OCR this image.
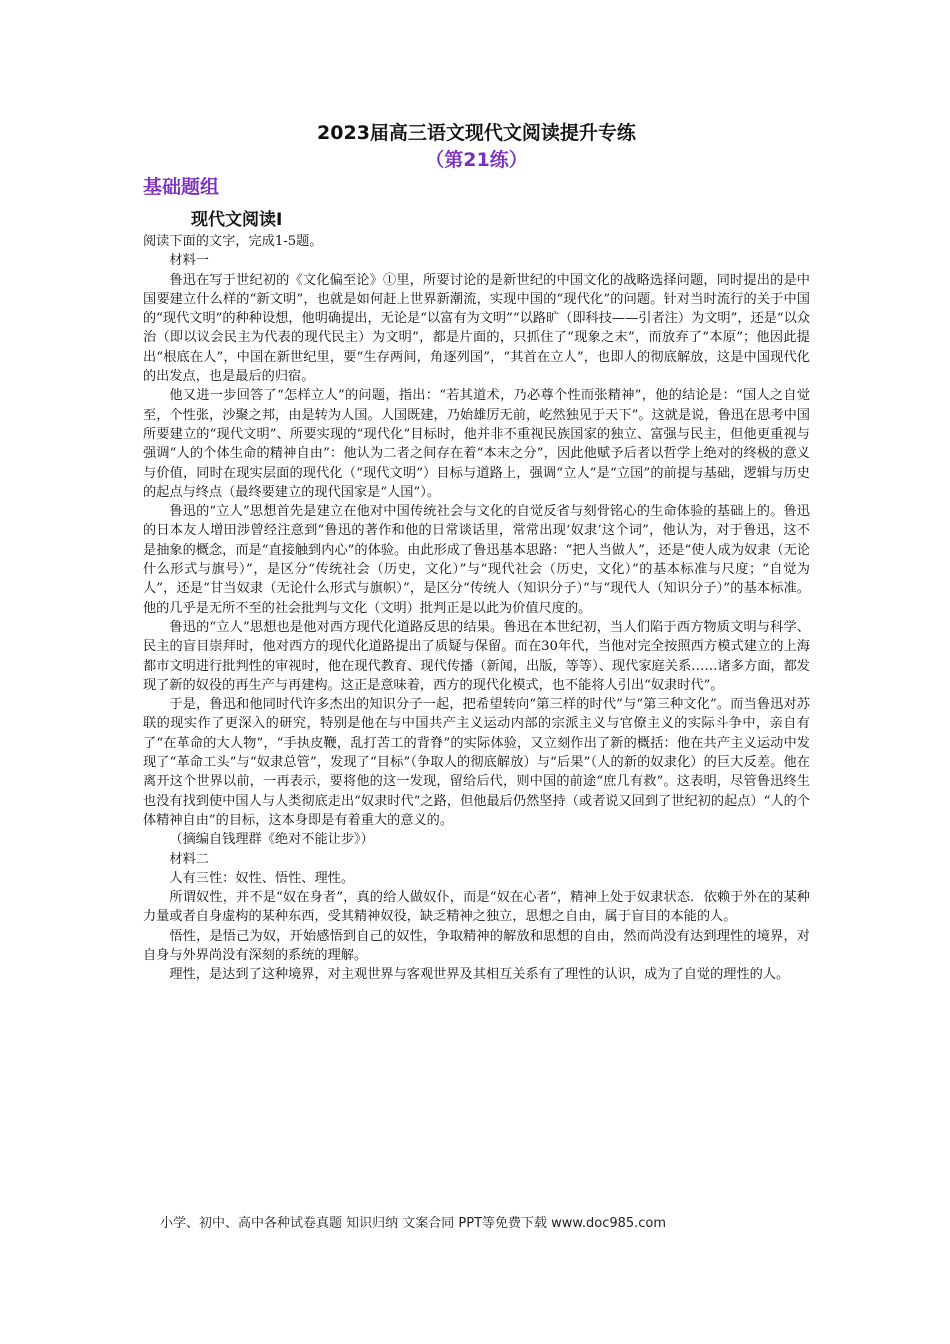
2023届高三语文现代文阅读提升专练
（第21练）
基础题组
现代文阅读Ⅰ

阅读下面的文字，完成1-5题。

材料一

鲁迅在写于世纪初的《文化偏至论》①里，所要讨论的是新世纪的中国文化的战略选择问题，同时提出的是中国要建立什么样的“新文明”，也就是如何赶上世界新潮流，实现中国的“现代化”的问题。针对当时流行的关于中国的“现代文明”的种种设想，他明确提出，无论是“以富有为文明”“以路旷（即科技——引者注）为文明”，还是“以众治（即以议会民主为代表的现代民主）为文明”，都是片面的，只抓住了“现象之末”，而放弃了“本原”；他因此提出“根底在人”，中国在新世纪里，要“生存两间，角逐列国”，“其首在立人”，也即人的彻底解放，这是中国现代化的出发点，也是最后的归宿。

他又进一步回答了“怎样立人”的问题，指出：“若其道术，乃必尊个性而张精神”，他的结论是：“国人之自觉至，个性张，沙聚之邦，由是转为人国。人国既建，乃始雄厉无前，屹然独见于天下”。这就是说，鲁迅在思考中国所要建立的“现代文明”、所要实现的“现代化”目标时，他并非不重视民族国家的独立、富强与民主，但他更重视与强调“人的个体生命的精神自由”：他认为二者之间存在着“本末之分”，因此他赋予后者以哲学上绝对的终极的意义与价值，同时在现实层面的现代化（“现代文明”）目标与道路上，强调“立人”是“立国”的前提与基础，逻辑与历史的起点与终点（最终要建立的现代国家是“人国”）。

鲁迅的“立人”思想首先是建立在他对中国传统社会与文化的自觉反省与刻骨铭心的生命体验的基础上的。鲁迅的日本友人增田涉曾经注意到“鲁迅的著作和他的日常谈话里，常常出现‘奴隶’这个词”，他认为，对于鲁迅，这不是抽象的概念，而是“直接触到内心”的体验。由此形成了鲁迅基本思路：“把人当做人”，还是“使人成为奴隶（无论什么形式与旗号）”，是区分“传统社会（历史，文化）”与“现代社会（历史，文化）”的基本标准与尺度；“自觉为人”，还是“甘当奴隶（无论什么形式与旗帜）”，是区分“传统人（知识分子）”与“现代人（知识分子）”的基本标准。他的几乎是无所不至的社会批判与文化（文明）批判正是以此为价值尺度的。

鲁迅的“立人”思想也是他对西方现代化道路反思的结果。鲁迅在本世纪初，当人们陷于西方物质文明与科学、民主的盲目崇拜时，他对西方的现代化道路提出了质疑与保留。而在30年代，当他对完全按照西方模式建立的上海都市文明进行批判性的审视时，他在现代教育、现代传播（新闻，出版，等等）、现代家庭关系……诸多方面，都发现了新的奴役的再生产与再建构。这正是意味着，西方的现代化模式，也不能将人引出“奴隶时代”。

于是，鲁迅和他同时代许多杰出的知识分子一起，把希望转向“第三样的时代”与“第三种文化”。而当鲁迅对苏联的现实作了更深入的研究，特别是他在与中国共产主义运动内部的宗派主义与官僚主义的实际斗争中，亲自有了“在革命的大人物”，“手执皮鞭，乱打苦工的背脊”的实际体验，又立刻作出了新的概括：他在共产主义运动中发现了“革命工头”与“奴隶总管”，发现了“目标”（争取人的彻底解放）与“后果”（人的新的奴隶化）的巨大反差。他在离开这个世界以前，一再表示，要将他的这一发现，留给后代，则中国的前途“庶几有救”。这表明，尽管鲁迅终生也没有找到使中国人与人类彻底走出“奴隶时代”之路，但他最后仍然坚持（或者说又回到了世纪初的起点）“人的个体精神自由”的目标，这本身即是有着重大的意义的。

（摘编自钱理群《绝对不能让步》）

材料二

人有三性：奴性、悟性、理性。

所谓奴性，并不是“奴在身者”，真的给人做奴仆，而是“奴在心者”，精神上处于奴隶状态．依赖于外在的某种力量或者自身虚构的某种东西，受其精神奴役，缺乏精神之独立，思想之自由，属于盲目的本能的人。

悟性，是悟己为奴，开始感悟到自己的奴性，争取精神的解放和思想的自由，然而尚没有达到理性的境界，对自身与外界尚没有深刻的系统的理解。

理性，是达到了这种境界，对主观世界与客观世界及其相互关系有了理性的认识，成为了自觉的理性的人。

小学、初中、高中各种试卷真题 知识归纳 文案合同 PPT等免费下载 www.doc985.com
